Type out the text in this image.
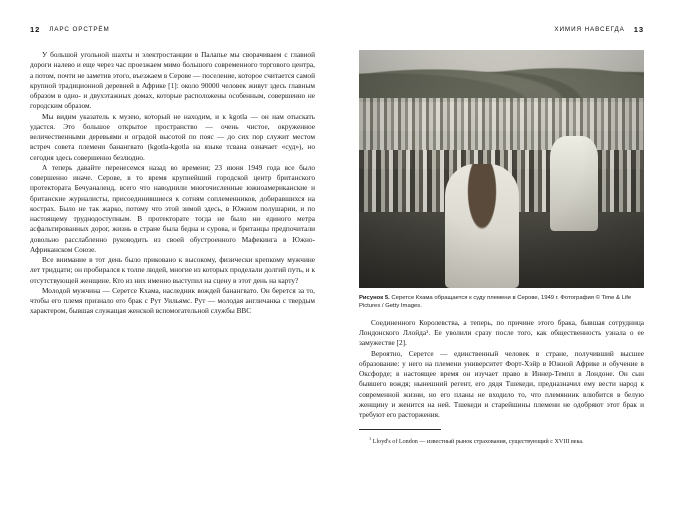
12 ЛАРС ОРСТРЁМ	ХИМИЯ НАВСЕГДА 13

У большой угольной шахты и электростанции в Палапье мы сворачиваем с главной дороги налево и еще через час проезжаем мимо большого современного торгового центра, а потом, почти не заметив этого, въезжаем в Серове — поселение, которое считается самой крупной традиционной деревней в Африке [1]: около 90000 человек живут здесь главным образом в одно- и двухэтажных домах, которые расположены особенным, совершенно не городским образом.

Мы видим указатель к музею, который не находим, и к kgotla — он нам отыскать удастся. Это большое открытое пространство — очень чистое, окруженное величественными деревьями и оградой высотой по пояс — до сих пор служит местом встреч совета племени банангвато (kgotla-kgotla на языке тсвана означает «суд»), но сегодня здесь совершенно безлюдно.

А теперь давайте перенесемся назад во времени; 23 июня 1949 года все было совершенно иначе. Серове, в то время крупнейший городской центр британского протектората Бечуаналенд, всего что наводнили многочисленные южноамериканские и британские журналисты, присоединившиеся к сотням соплеменников, добиравшихся на кострах. Было не так жарко, потому что этой зимой здесь, в Южном полушарии, и по настоящему труднодоступным. В протекторате тогда не было ни единого метра асфальтированных дорог, жизнь в стране была бедна и сурова, и британцы предпочитали довольно расслабленно руководить из своей обустроенного Мафекинга в Южно-Африканском Союзе.

Все внимание в тот день было приковано к высокому, физически крепкому мужчине лет тридцати; он пробирался к толпе людей, многие из которых проделали долгий путь, и к отсутствующей женщине. Кто из них именно выступил на сцену в этот день на карту?

Молодой мужчина — Серетсе Кхама, наследник вождей банангвато. Он берется за то, чтобы его племя признало его брак с Рут Уильямс. Рут — молодая англичанка с твердым характером, бывшая служащая женской вспомогательной службы ВВС

Рисунок 5. Серетсе Кхама обращается к суду племени в Серове, 1949 г. Фотография © Time & Life Pictures / Getty Images.

Соединенного Королевства, а теперь, по причине этого брака, бывшая сотрудница Лондонского Ллойда¹. Ее уволили сразу после того, как общественность узнала о ее замужестве [2].

Вероятно, Серетсе — единственный человек в стране, получивший высшее образование: у него на племени университет Форт-Хэйр в Южной Африке и обучение в Оксфорде; в настоящее время он изучает право в Иннер-Темпл в Лондоне. Он сын бывшего вождя; нынешний регент, его дядя Тшекеди, предназначил ему вести народ к современной жизни, но его планы не входило то, что племянник влюбится в белую женщину и женится на ней. Тшекеди и старейшины племени не одобряют этот брак и требуют его расторжения.

$^1$ Lloyd's of London — известный рынок страхования, существующий с XVIII века.
